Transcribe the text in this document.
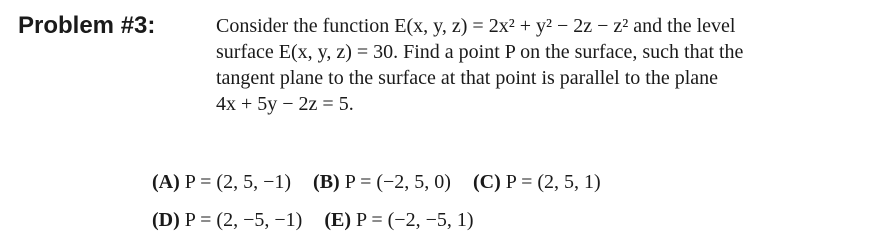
Problem #3:	Consider the function E(x, y, z) = 2x² + y² − 2z − z² and the level
surface E(x, y, z) = 30. Find a point P on the surface, such that the
tangent plane to the surface at that point is parallel to the plane
4x + 5y − 2z = 5.
(A) P = (2, 5, −1) (B) P = (−2, 5, 0) (C) P = (2, 5, 1)
(D) P = (2, −5, −1) (E) P = (−2, −5, 1)
